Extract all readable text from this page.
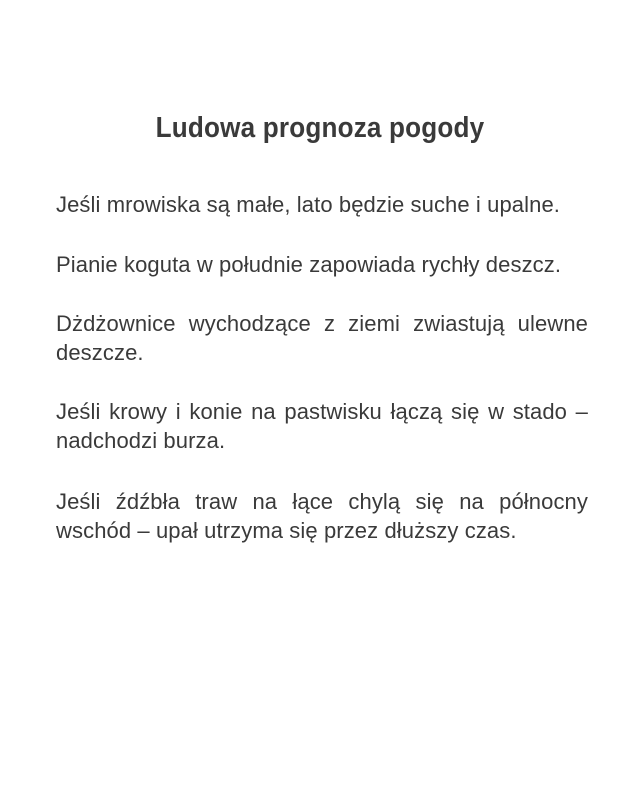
Ludowa prognoza pogody

Jeśli mrowiska są małe, lato będzie suche i upalne.

Pianie koguta w południe zapowiada rychły deszcz.

Dżdżownice wychodzące z ziemi zwiastują ulewne deszcze.

Jeśli krowy i konie na pastwisku łączą się w stado – nadchodzi burza.

Jeśli źdźbła traw na łące chylą się na północny wschód – upał utrzyma się przez dłuższy czas.
